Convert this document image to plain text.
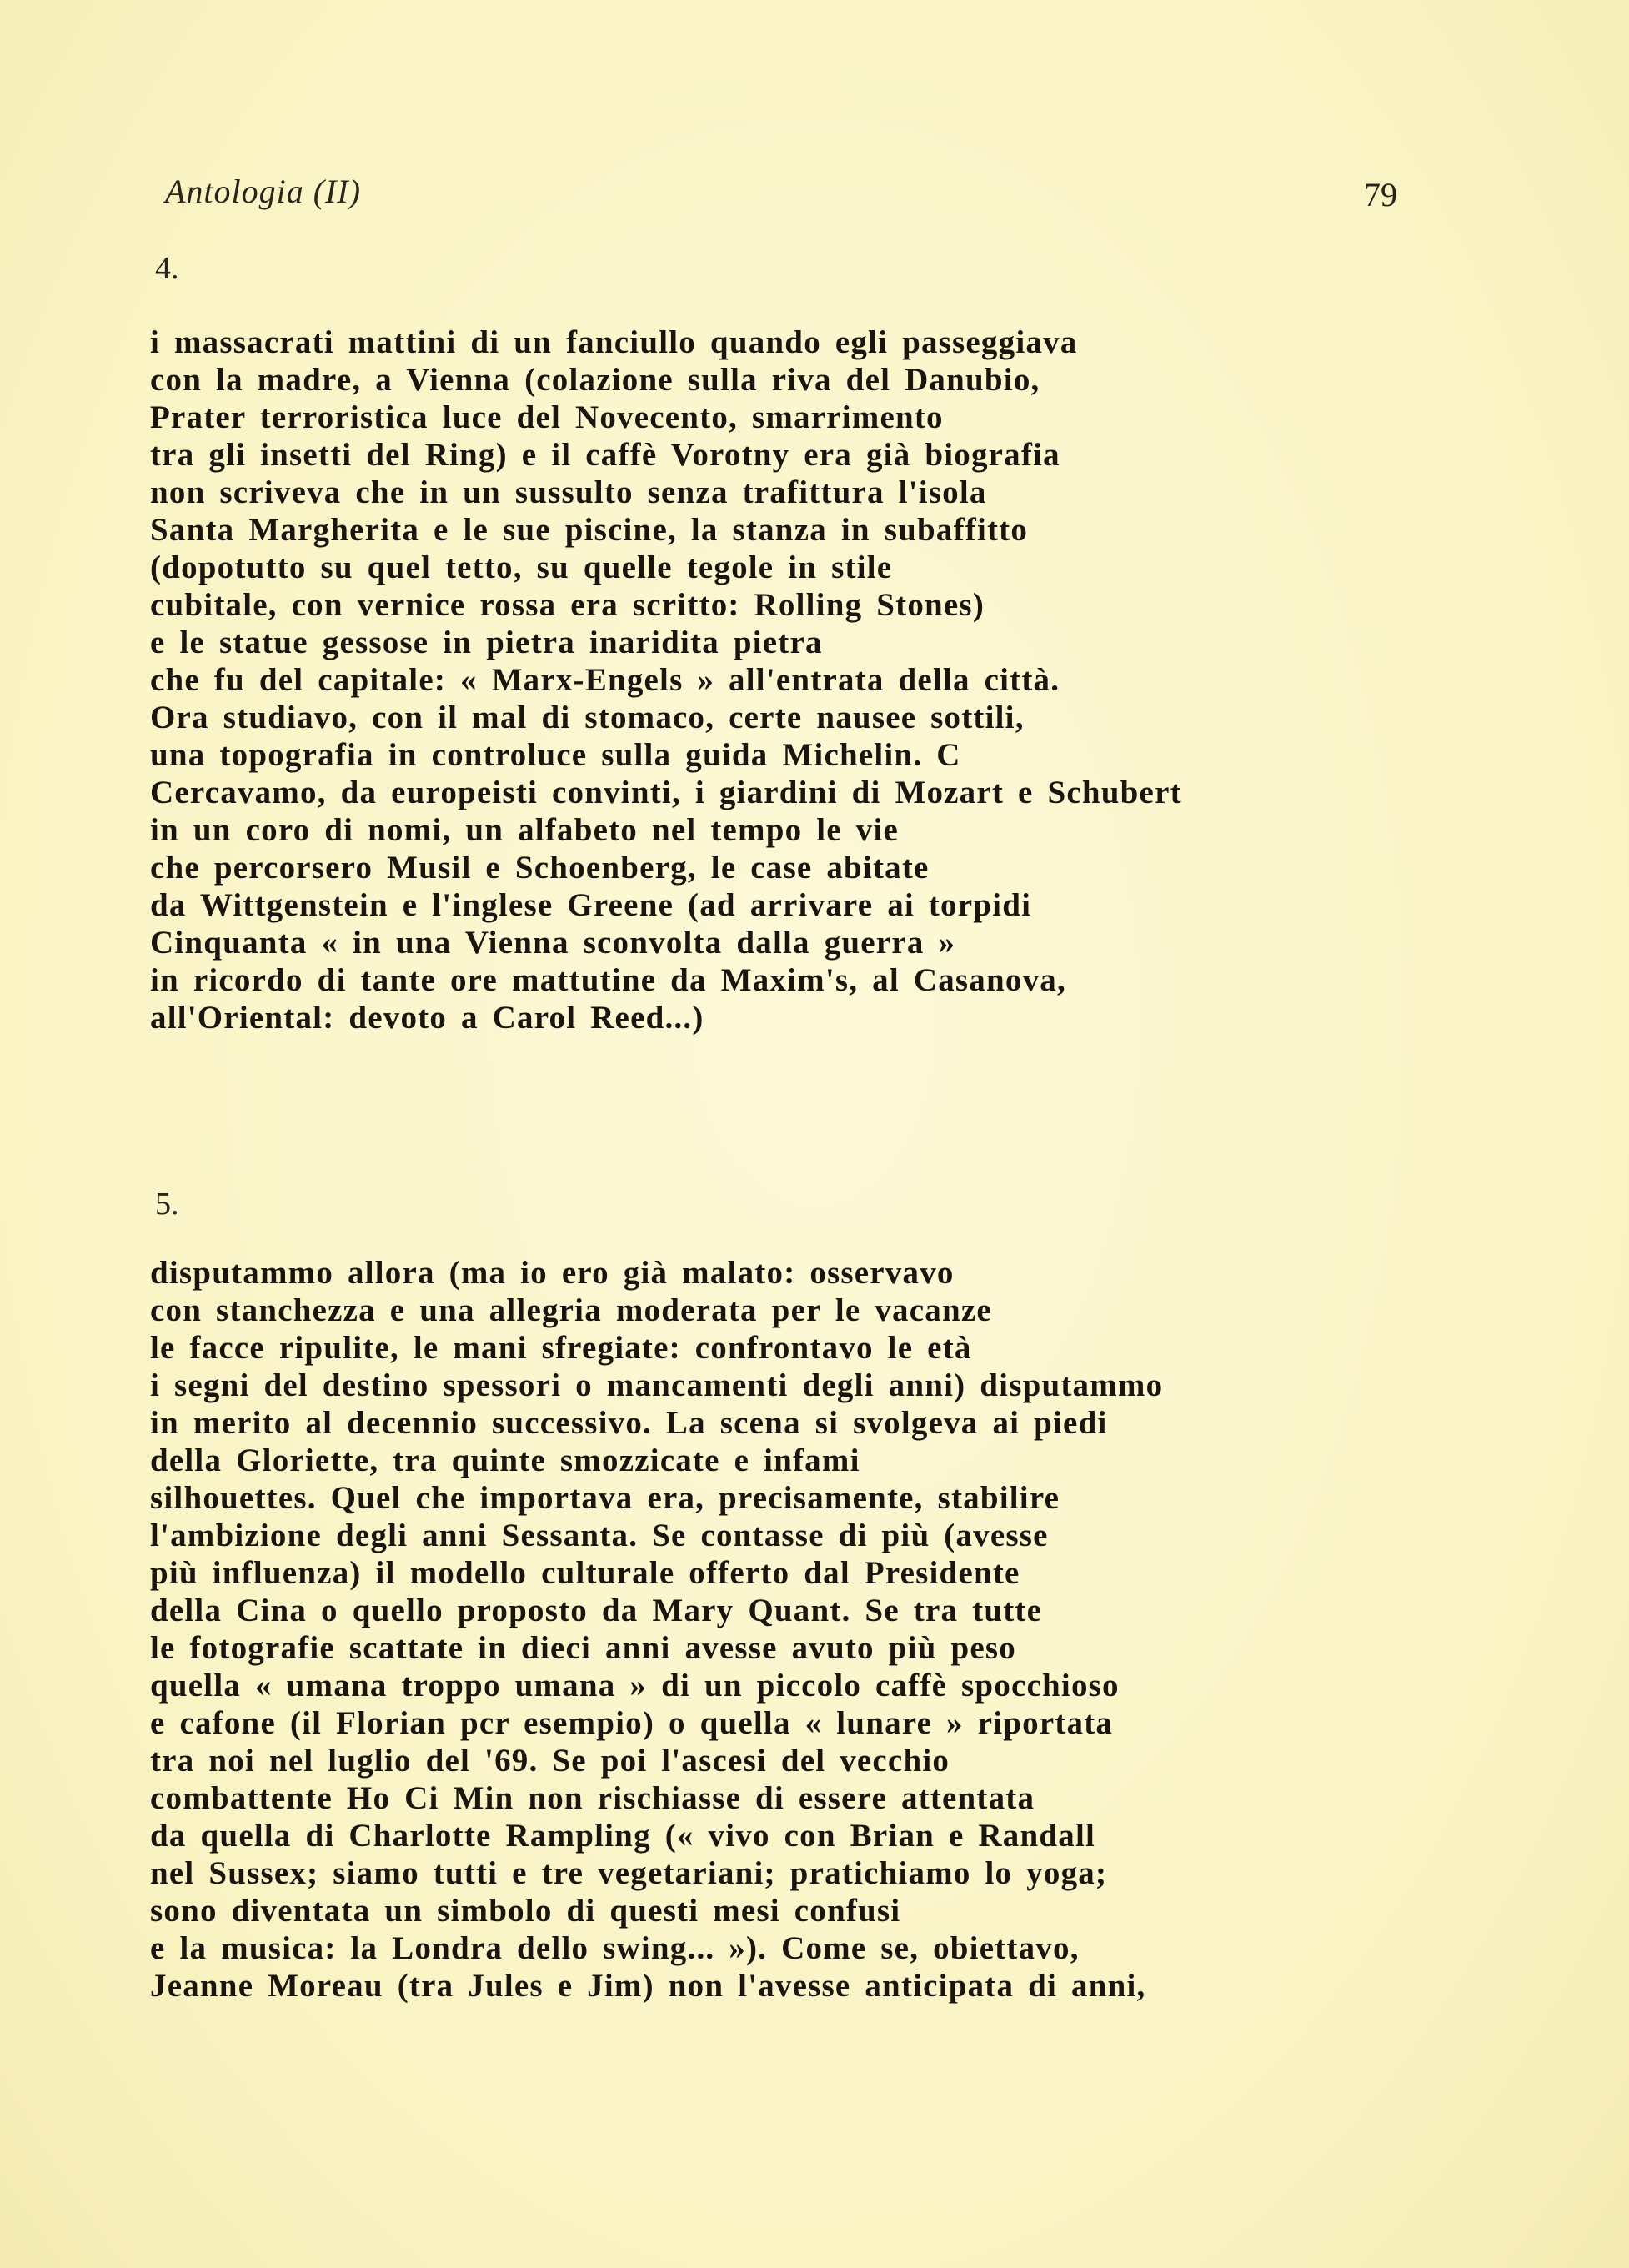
Antologia (II)	79

4.

i massacrati mattini di un fanciullo quando egli passeggiava
con la madre, a Vienna (colazione sulla riva del Danubio,
Prater terroristica luce del Novecento, smarrimento
tra gli insetti del Ring) e il caffè Vorotny era già biografia
non scriveva che in un sussulto senza trafittura l'isola
Santa Margherita e le sue piscine, la stanza in subaffitto
(dopotutto su quel tetto, su quelle tegole in stile
cubitale, con vernice rossa era scritto: Rolling Stones)
e le statue gessose in pietra inaridita pietra
che fu del capitale: « Marx-Engels » all'entrata della città.
Ora studiavo, con il mal di stomaco, certe nausee sottili,
una topografia in controluce sulla guida Michelin. C
Cercavamo, da europeisti convinti, i giardini di Mozart e Schubert
in un coro di nomi, un alfabeto nel tempo le vie
che percorsero Musil e Schoenberg, le case abitate
da Wittgenstein e l'inglese Greene (ad arrivare ai torpidi
Cinquanta « in una Vienna sconvolta dalla guerra »
in ricordo di tante ore mattutine da Maxim's, al Casanova,
all'Oriental: devoto a Carol Reed...)

5.

disputammo allora (ma io ero già malato: osservavo
con stanchezza e una allegria moderata per le vacanze
le facce ripulite, le mani sfregiate: confrontavo le età
i segni del destino spessori o mancamenti degli anni) disputammo
in merito al decennio successivo. La scena si svolgeva ai piedi
della Gloriette, tra quinte smozzicate e infami
silhouettes. Quel che importava era, precisamente, stabilire
l'ambizione degli anni Sessanta. Se contasse di più (avesse
più influenza) il modello culturale offerto dal Presidente
della Cina o quello proposto da Mary Quant. Se tra tutte
le fotografie scattate in dieci anni avesse avuto più peso
quella « umana troppo umana » di un piccolo caffè spocchioso
e cafone (il Florian pcr esempio) o quella « lunare » riportata
tra noi nel luglio del '69. Se poi l'ascesi del vecchio
combattente Ho Ci Min non rischiasse di essere attentata
da quella di Charlotte Rampling (« vivo con Brian e Randall
nel Sussex; siamo tutti e tre vegetariani; pratichiamo lo yoga;
sono diventata un simbolo di questi mesi confusi
e la musica: la Londra dello swing... »). Come se, obiettavo,
Jeanne Moreau (tra Jules e Jim) non l'avesse anticipata di anni,
